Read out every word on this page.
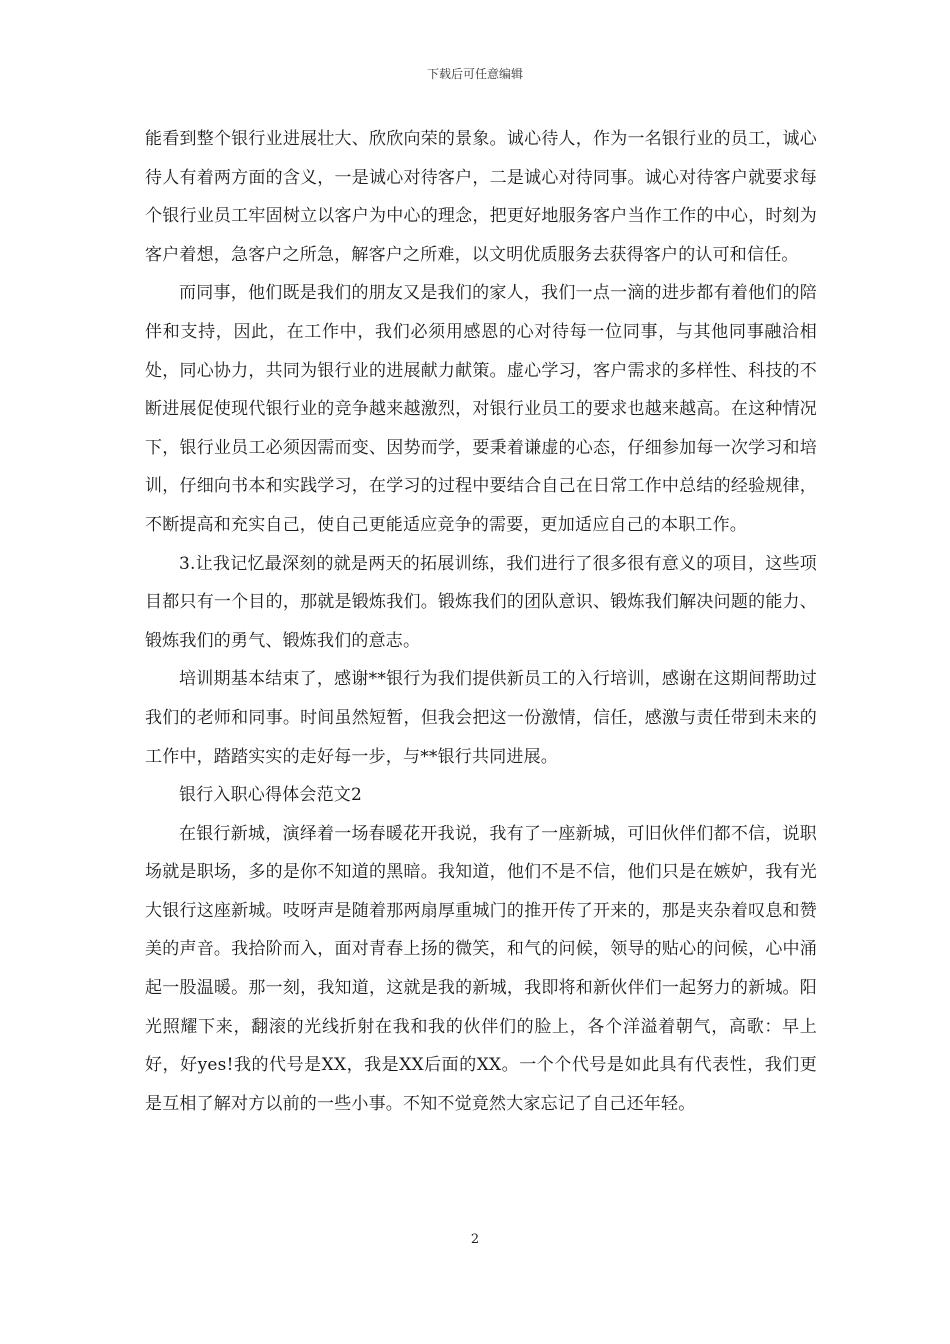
下载后可任意编辑

能看到整个银行业进展壮大、欣欣向荣的景象。诚心待人，作为一名银行业的员工，诚心待人有着两方面的含义，一是诚心对待客户，二是诚心对待同事。诚心对待客户就要求每个银行业员工牢固树立以客户为中心的理念，把更好地服务客户当作工作的中心，时刻为客户着想，急客户之所急，解客户之所难，以文明优质服务去获得客户的认可和信任。

而同事，他们既是我们的朋友又是我们的家人，我们一点一滴的进步都有着他们的陪伴和支持，因此，在工作中，我们必须用感恩的心对待每一位同事，与其他同事融洽相处，同心协力，共同为银行业的进展献力献策。虚心学习，客户需求的多样性、科技的不断进展促使现代银行业的竞争越来越激烈，对银行业员工的要求也越来越高。在这种情况下，银行业员工必须因需而变、因势而学，要秉着谦虚的心态，仔细参加每一次学习和培训，仔细向书本和实践学习，在学习的过程中要结合自己在日常工作中总结的经验规律，不断提高和充实自己，使自己更能适应竞争的需要，更加适应自己的本职工作。

3.让我记忆最深刻的就是两天的拓展训练，我们进行了很多很有意义的项目，这些项目都只有一个目的，那就是锻炼我们。锻炼我们的团队意识、锻炼我们解决问题的能力、锻炼我们的勇气、锻炼我们的意志。

培训期基本结束了，感谢**银行为我们提供新员工的入行培训，感谢在这期间帮助过我们的老师和同事。时间虽然短暂，但我会把这一份激情，信任，感激与责任带到未来的工作中，踏踏实实的走好每一步，与**银行共同进展。

银行入职心得体会范文2

在银行新城，演绎着一场春暖花开我说，我有了一座新城，可旧伙伴们都不信，说职场就是职场，多的是你不知道的黑暗。我知道，他们不是不信，他们只是在嫉妒，我有光大银行这座新城。吱呀声是随着那两扇厚重城门的推开传了开来的，那是夹杂着叹息和赞美的声音。我拾阶而入，面对青春上扬的微笑，和气的问候，领导的贴心的问候，心中涌起一股温暖。那一刻，我知道，这就是我的新城，我即将和新伙伴们一起努力的新城。阳光照耀下来，翻滚的光线折射在我和我的伙伴们的脸上，各个洋溢着朝气，高歌：早上好，好yes!我的代号是XX，我是XX后面的XX。一个个代号是如此具有代表性，我们更是互相了解对方以前的一些小事。不知不觉竟然大家忘记了自己还年轻。

2
